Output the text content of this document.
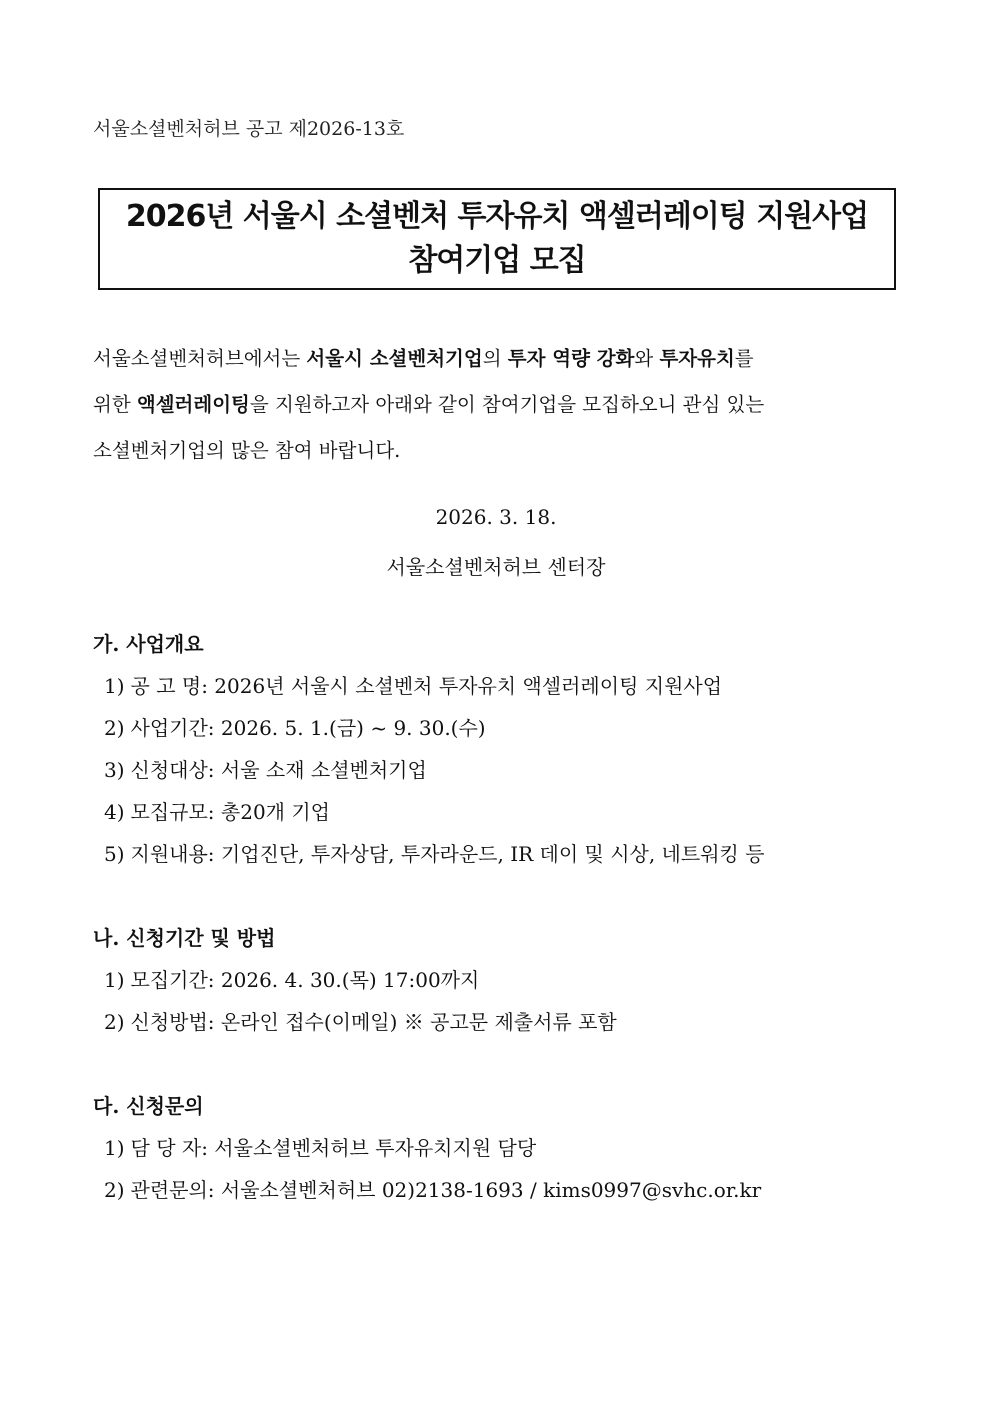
서울소셜벤처허브 공고 제2026-13호
2026년 서울시 소셜벤처 투자유치 액셀러레이팅 지원사업
참여기업 모집
서울소셜벤처허브에서는 서울시 소셜벤처기업의 투자 역량 강화와 투자유치를
위한 액셀러레이팅을 지원하고자 아래와 같이 참여기업을 모집하오니 관심 있는
소셜벤처기업의 많은 참여 바랍니다.
2026. 3. 18.
서울소셜벤처허브 센터장
가. 사업개요
1) 공 고 명: 2026년 서울시 소셜벤처 투자유치 액셀러레이팅 지원사업
2) 사업기간: 2026. 5. 1.(금) ~ 9. 30.(수)
3) 신청대상: 서울 소재 소셜벤처기업
4) 모집규모: 총20개 기업
5) 지원내용: 기업진단, 투자상담, 투자라운드, IR 데이 및 시상, 네트워킹 등
나. 신청기간 및 방법
1) 모집기간: 2026. 4. 30.(목) 17:00까지
2) 신청방법: 온라인 접수(이메일) ※ 공고문 제출서류 포함
다. 신청문의
1) 담 당 자: 서울소셜벤처허브 투자유치지원 담당
2) 관련문의: 서울소셜벤처허브 02)2138-1693 / kims0997@svhc.or.kr
